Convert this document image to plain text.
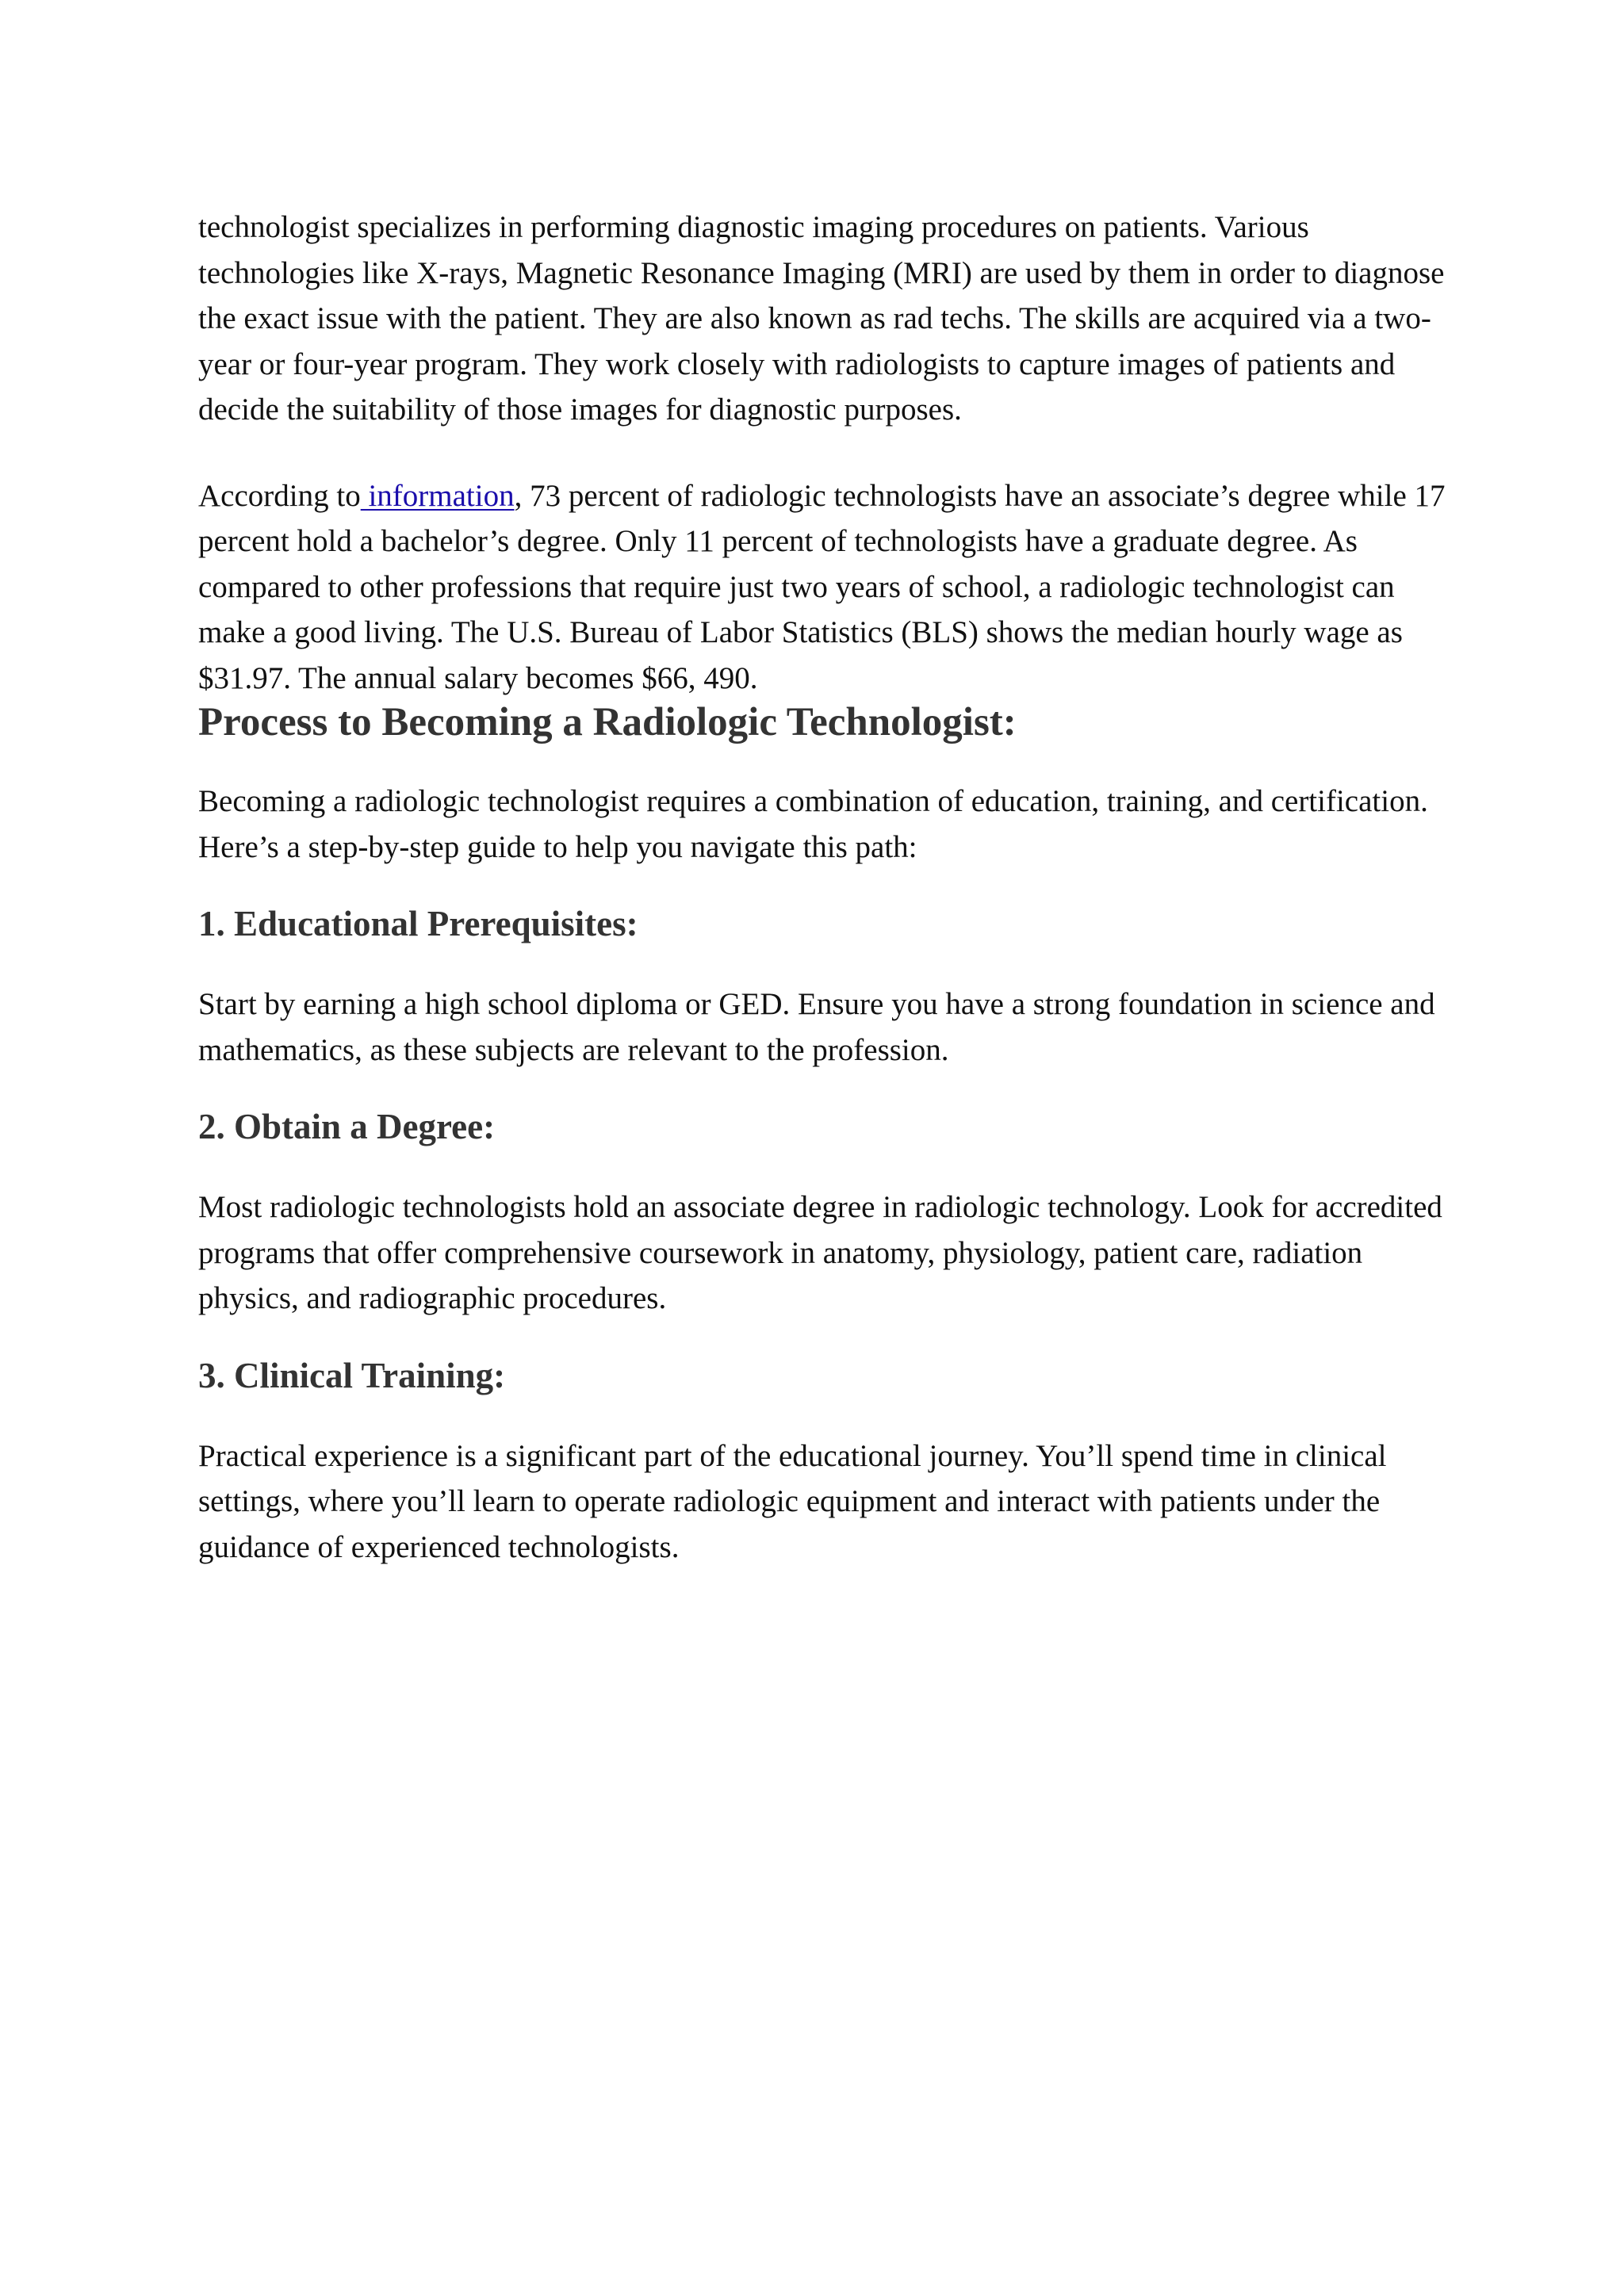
technologist specializes in performing diagnostic imaging procedures on patients. Various technologies like X-rays, Magnetic Resonance Imaging (MRI) are used by them in order to diagnose the exact issue with the patient. They are also known as rad techs. The skills are acquired via a two-year or four-year program. They work closely with radiologists to capture images of patients and decide the suitability of those images for diagnostic purposes.

According to information, 73 percent of radiologic technologists have an associate’s degree while 17 percent hold a bachelor’s degree. Only 11 percent of technologists have a graduate degree. As compared to other professions that require just two years of school, a radiologic technologist can make a good living. The U.S. Bureau of Labor Statistics (BLS) shows the median hourly wage as $31.97. The annual salary becomes $66, 490.

Process to Becoming a Radiologic Technologist:

Becoming a radiologic technologist requires a combination of education, training, and certification. Here’s a step-by-step guide to help you navigate this path:

1. Educational Prerequisites:

Start by earning a high school diploma or GED. Ensure you have a strong foundation in science and mathematics, as these subjects are relevant to the profession.

2. Obtain a Degree:

Most radiologic technologists hold an associate degree in radiologic technology. Look for accredited programs that offer comprehensive coursework in anatomy, physiology, patient care, radiation physics, and radiographic procedures.

3. Clinical Training:

Practical experience is a significant part of the educational journey. You’ll spend time in clinical settings, where you’ll learn to operate radiologic equipment and interact with patients under the guidance of experienced technologists.
